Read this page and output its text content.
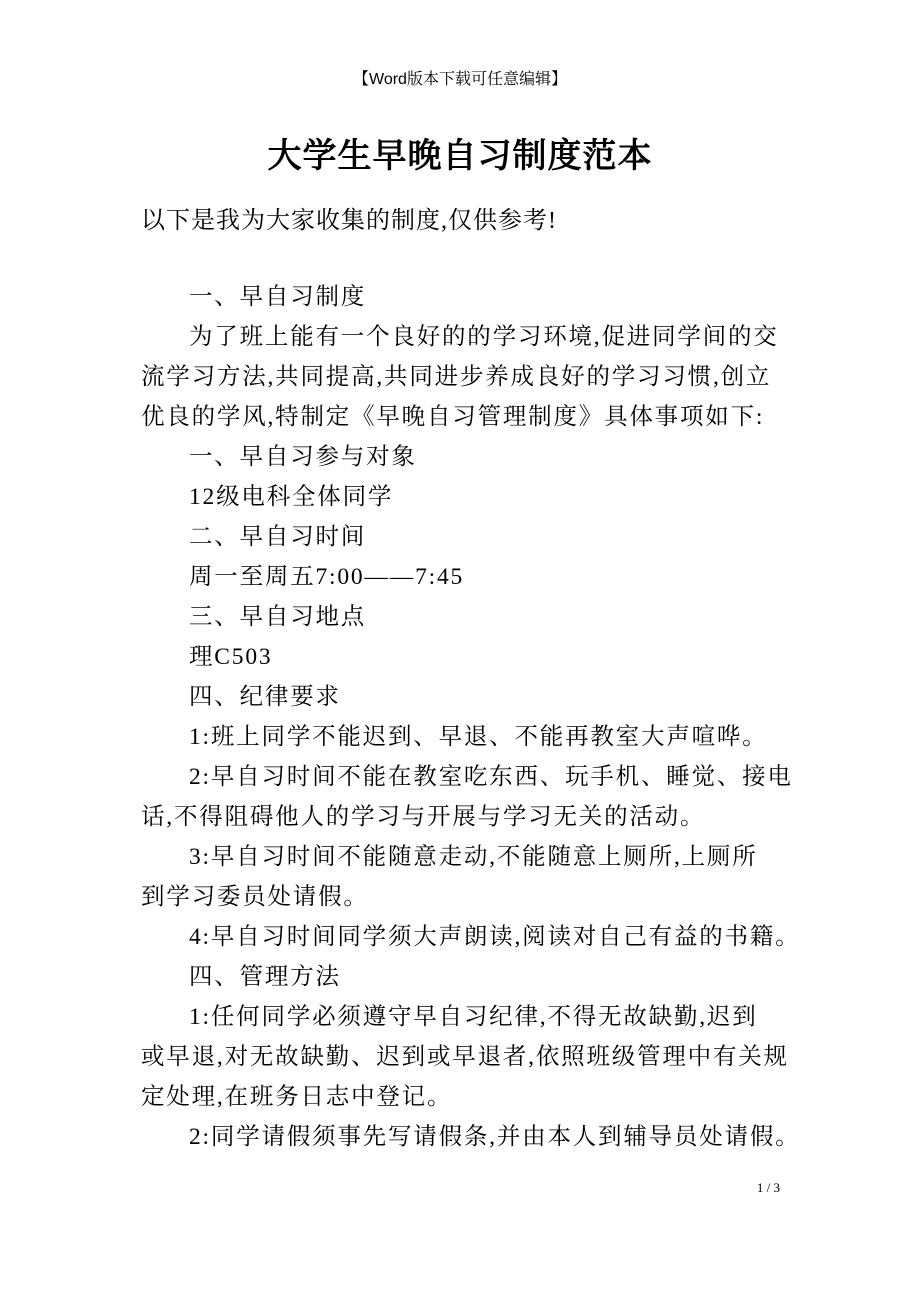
【Word版本下载可任意编辑】
大学生早晚自习制度范本
以下是我为大家收集的制度,仅供参考!
一、早自习制度
为了班上能有一个良好的的学习环境,促进同学间的交
流学习方法,共同提高,共同进步养成良好的学习习惯,创立
优良的学风,特制定《早晚自习管理制度》具体事项如下:
一、早自习参与对象
12级电科全体同学
二、早自习时间
周一至周五7:00——7:45
三、早自习地点
理C503
四、纪律要求
1:班上同学不能迟到、早退、不能再教室大声喧哗。
2:早自习时间不能在教室吃东西、玩手机、睡觉、接电
话,不得阻碍他人的学习与开展与学习无关的活动。
3:早自习时间不能随意走动,不能随意上厕所,上厕所
到学习委员处请假。
4:早自习时间同学须大声朗读,阅读对自己有益的书籍。
四、管理方法
1:任何同学必须遵守早自习纪律,不得无故缺勤,迟到
或早退,对无故缺勤、迟到或早退者,依照班级管理中有关规
定处理,在班务日志中登记。
2:同学请假须事先写请假条,并由本人到辅导员处请假。
1 / 3
